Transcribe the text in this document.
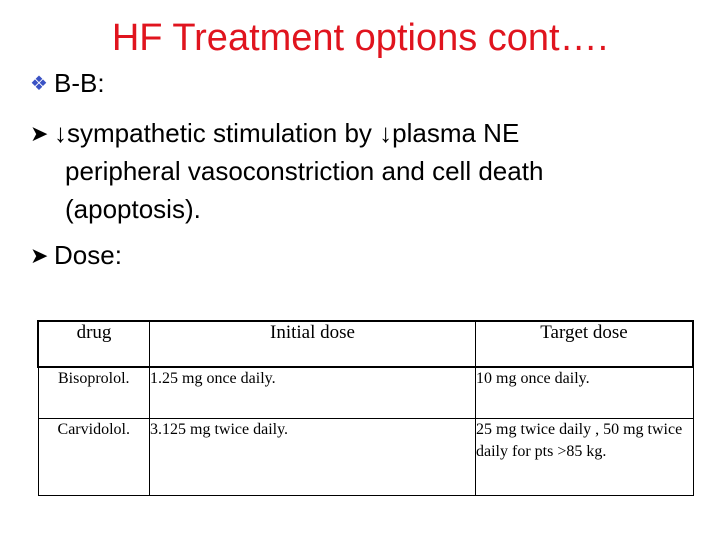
HF Treatment options cont….
❖ B-B:
➤ ↓sympathetic stimulation by ↓plasma NE
peripheral vasoconstriction and cell death
(apoptosis).
➤ Dose:
drug	Initial dose	Target dose
Bisoprolol.	1.25 mg once daily.	10 mg once daily.
Carvidolol.	3.125 mg twice daily.	25 mg twice daily , 50 mg twice daily for pts >85 kg.
